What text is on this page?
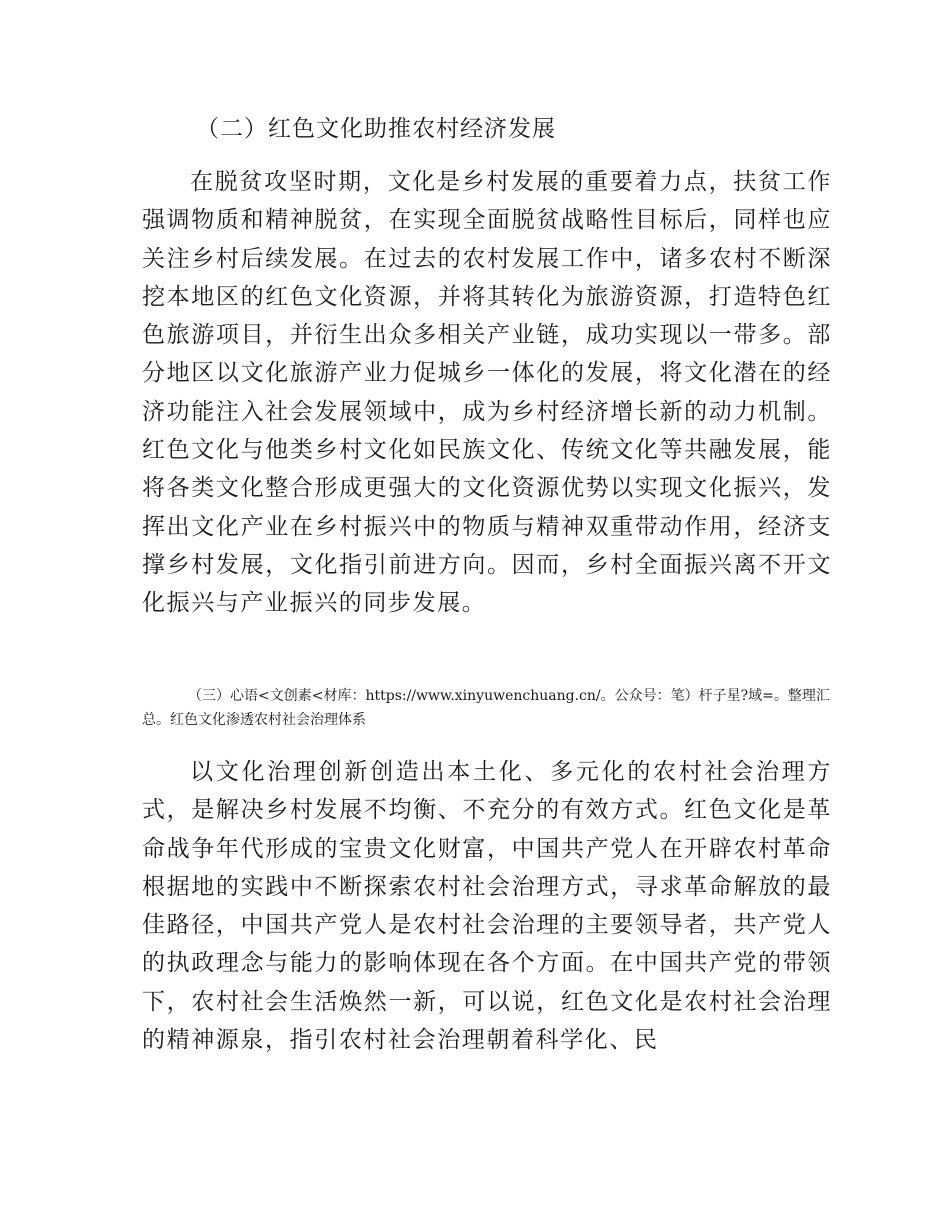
（二）红色文化助推农村经济发展

在脱贫攻坚时期，文化是乡村发展的重要着力点，扶贫工作强调物质和精神脱贫，在实现全面脱贫战略性目标后，同样也应关注乡村后续发展。在过去的农村发展工作中，诸多农村不断深挖本地区的红色文化资源，并将其转化为旅游资源，打造特色红色旅游项目，并衍生出众多相关产业链，成功实现以一带多。部分地区以文化旅游产业力促城乡一体化的发展，将文化潜在的经济功能注入社会发展领域中，成为乡村经济增长新的动力机制。红色文化与他类乡村文化如民族文化、传统文化等共融发展，能将各类文化整合形成更强大的文化资源优势以实现文化振兴，发挥出文化产业在乡村振兴中的物质与精神双重带动作用，经济支撑乡村发展，文化指引前进方向。因而，乡村全面振兴离不开文化振兴与产业振兴的同步发展。

（三）心语<文创素<材库：https://www.xinyuwenchuang.cn/。公众号：笔）杆子星?域=。整理汇总。红色文化渗透农村社会治理体系

以文化治理创新创造出本土化、多元化的农村社会治理方式，是解决乡村发展不均衡、不充分的有效方式。红色文化是革命战争年代形成的宝贵文化财富，中国共产党人在开辟农村革命根据地的实践中不断探索农村社会治理方式，寻求革命解放的最佳路径，中国共产党人是农村社会治理的主要领导者，共产党人的执政理念与能力的影响体现在各个方面。在中国共产党的带领下，农村社会生活焕然一新，可以说，红色文化是农村社会治理的精神源泉，指引农村社会治理朝着科学化、民
